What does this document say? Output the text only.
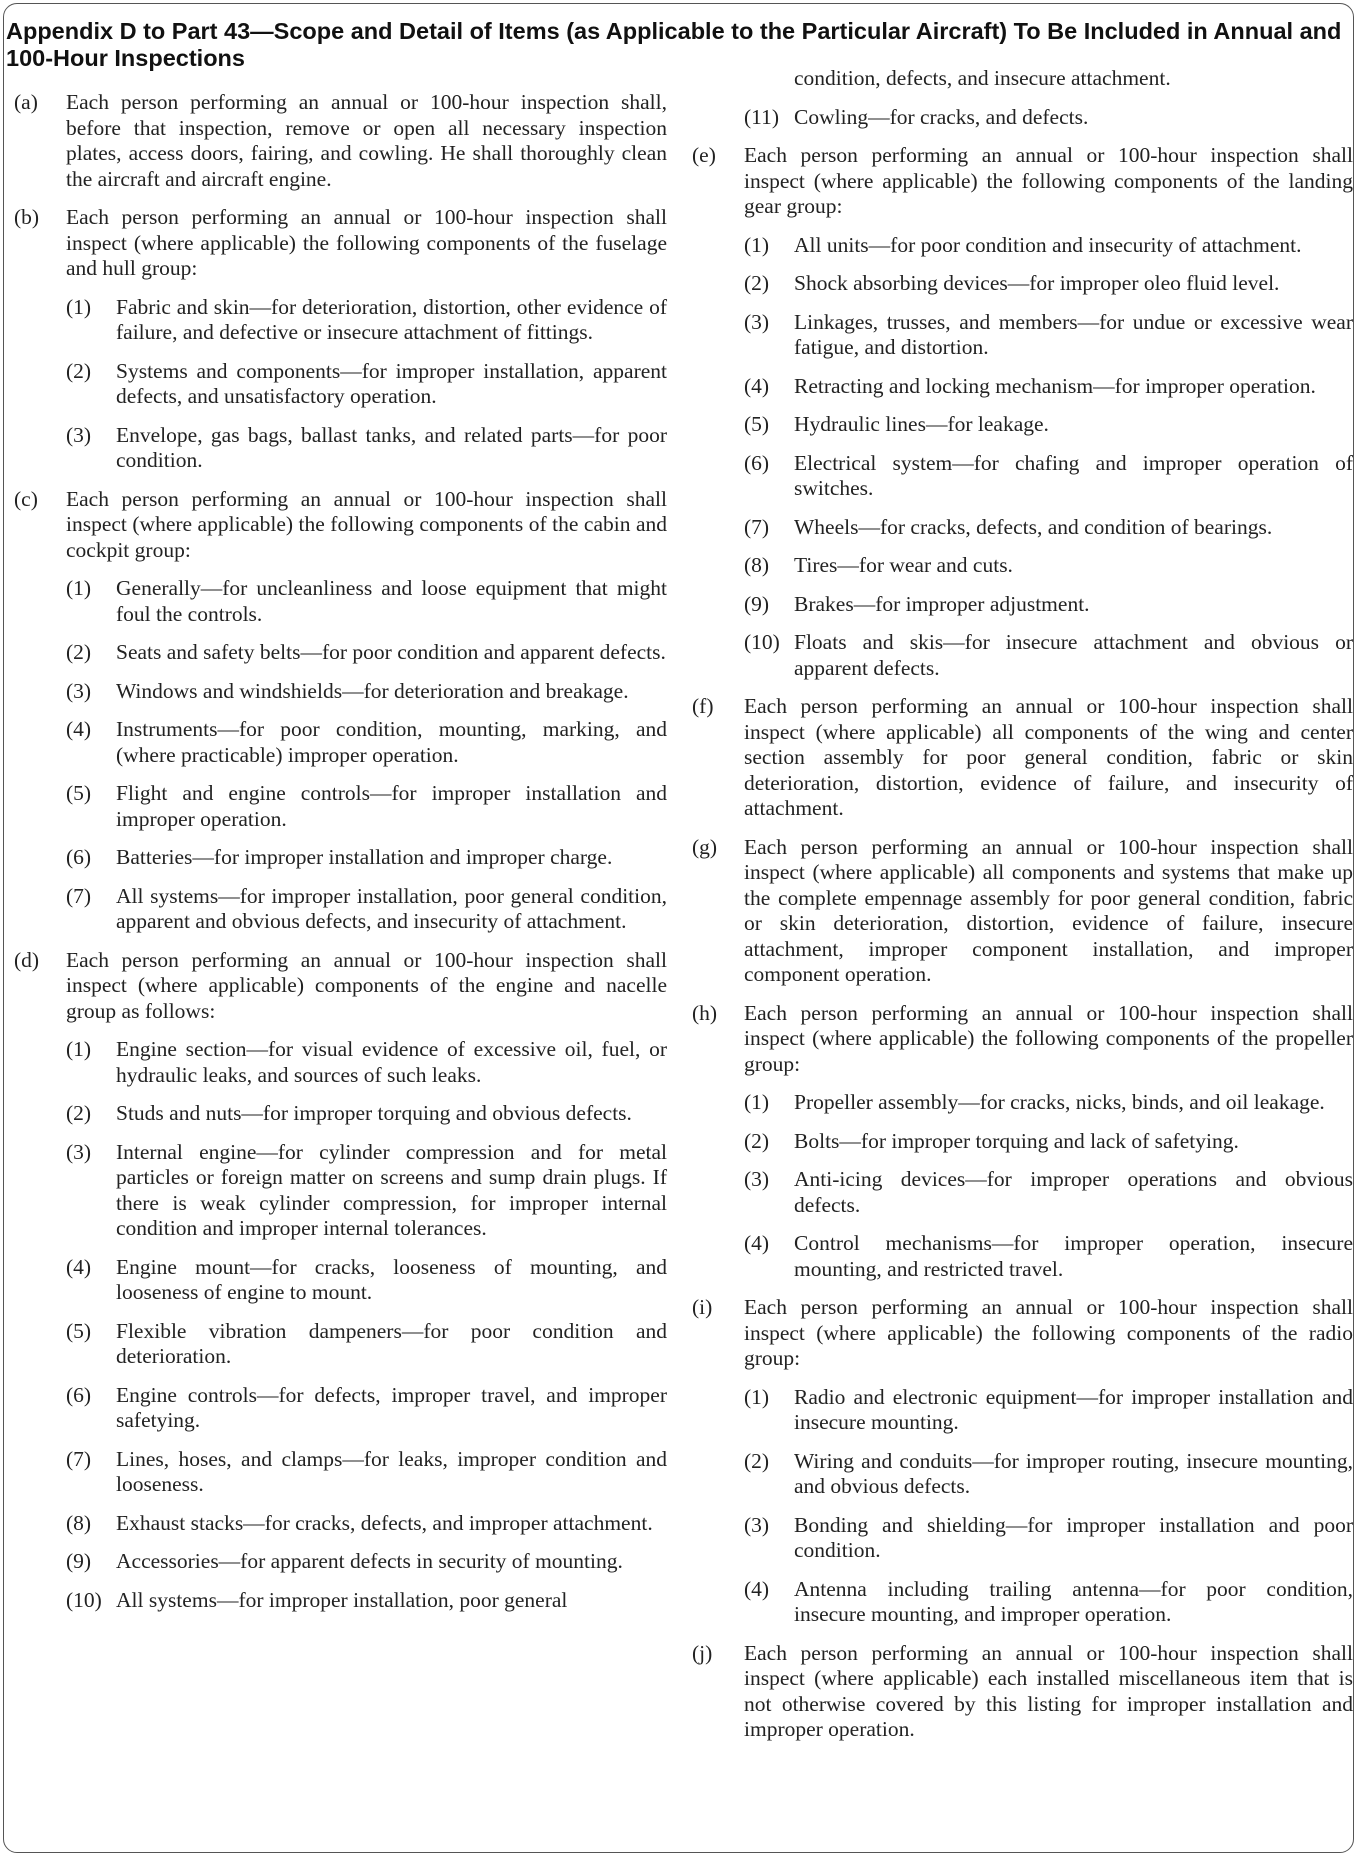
Appendix D to Part 43—Scope and Detail of Items (as Applicable to the Particular Aircraft) To Be Included in Annual and 100-Hour Inspections
(a)	Each person performing an annual or 100-hour inspection shall, before that inspection, remove or open all necessary inspection plates, access doors, fairing, and cowling. He shall thoroughly clean the aircraft and aircraft engine.
(b)	Each person performing an annual or 100-hour inspection shall inspect (where applicable) the following components of the fuselage and hull group:
(1)	Fabric and skin—for deterioration, distortion, other evidence of failure, and defective or insecure attachment of fittings.
(2)	Systems and components—for improper installation, apparent defects, and unsatisfactory operation.
(3)	Envelope, gas bags, ballast tanks, and related parts—for poor condition.
(c)	Each person performing an annual or 100-hour inspection shall inspect (where applicable) the following components of the cabin and cockpit group:
(1)	Generally—for uncleanliness and loose equipment that might foul the controls.
(2)	Seats and safety belts—for poor condition and apparent defects.
(3)	Windows and windshields—for deterioration and breakage.
(4)	Instruments—for poor condition, mounting, marking, and (where practicable) improper operation.
(5)	Flight and engine controls—for improper installation and improper operation.
(6)	Batteries—for improper installation and improper charge.
(7)	All systems—for improper installation, poor general condition, apparent and obvious defects, and insecurity of attachment.
(d)	Each person performing an annual or 100-hour inspection shall inspect (where applicable) components of the engine and nacelle group as follows:
(1)	Engine section—for visual evidence of excessive oil, fuel, or hydraulic leaks, and sources of such leaks.
(2)	Studs and nuts—for improper torquing and obvious defects.
(3)	Internal engine—for cylinder compression and for metal particles or foreign matter on screens and sump drain plugs. If there is weak cylinder compression, for improper internal condition and improper internal tolerances.
(4)	Engine mount—for cracks, looseness of mounting, and looseness of engine to mount.
(5)	Flexible vibration dampeners—for poor condition and deterioration.
(6)	Engine controls—for defects, improper travel, and improper safetying.
(7)	Lines, hoses, and clamps—for leaks, improper condition and looseness.
(8)	Exhaust stacks—for cracks, defects, and improper attachment.
(9)	Accessories—for apparent defects in security of mounting.
(10) All systems—for improper installation, poor general
condition, defects, and insecure attachment.
(11) Cowling—for cracks, and defects.
(e)	Each person performing an annual or 100-hour inspection shall inspect (where applicable) the following components of the landing gear group:
(1)	All units—for poor condition and insecurity of attachment.
(2)	Shock absorbing devices—for improper oleo fluid level.
(3)	Linkages, trusses, and members—for undue or excessive wear fatigue, and distortion.
(4)	Retracting and locking mechanism—for improper operation.
(5)	Hydraulic lines—for leakage.
(6)	Electrical system—for chafing and improper operation of switches.
(7)	Wheels—for cracks, defects, and condition of bearings.
(8)	Tires—for wear and cuts.
(9)	Brakes—for improper adjustment.
(10) Floats and skis—for insecure attachment and obvious or apparent defects.
(f)	Each person performing an annual or 100-hour inspection shall inspect (where applicable) all components of the wing and center section assembly for poor general condition, fabric or skin deterioration, distortion, evidence of failure, and insecurity of attachment.
(g)	Each person performing an annual or 100-hour inspection shall inspect (where applicable) all components and systems that make up the complete empennage assembly for poor general condition, fabric or skin deterioration, distortion, evidence of failure, insecure attachment, improper component installation, and improper component operation.
(h)	Each person performing an annual or 100-hour inspection shall inspect (where applicable) the following components of the propeller group:
(1)	Propeller assembly—for cracks, nicks, binds, and oil leakage.
(2)	Bolts—for improper torquing and lack of safetying.
(3)	Anti-icing devices—for improper operations and obvious defects.
(4)	Control mechanisms—for improper operation, insecure mounting, and restricted travel.
(i)	Each person performing an annual or 100-hour inspection shall inspect (where applicable) the following components of the radio group:
(1)	Radio and electronic equipment—for improper installation and insecure mounting.
(2)	Wiring and conduits—for improper routing, insecure mounting, and obvious defects.
(3)	Bonding and shielding—for improper installation and poor condition.
(4)	Antenna including trailing antenna—for poor condition, insecure mounting, and improper operation.
(j)	Each person performing an annual or 100-hour inspection shall inspect (where applicable) each installed miscellaneous item that is not otherwise covered by this listing for improper installation and improper operation.
